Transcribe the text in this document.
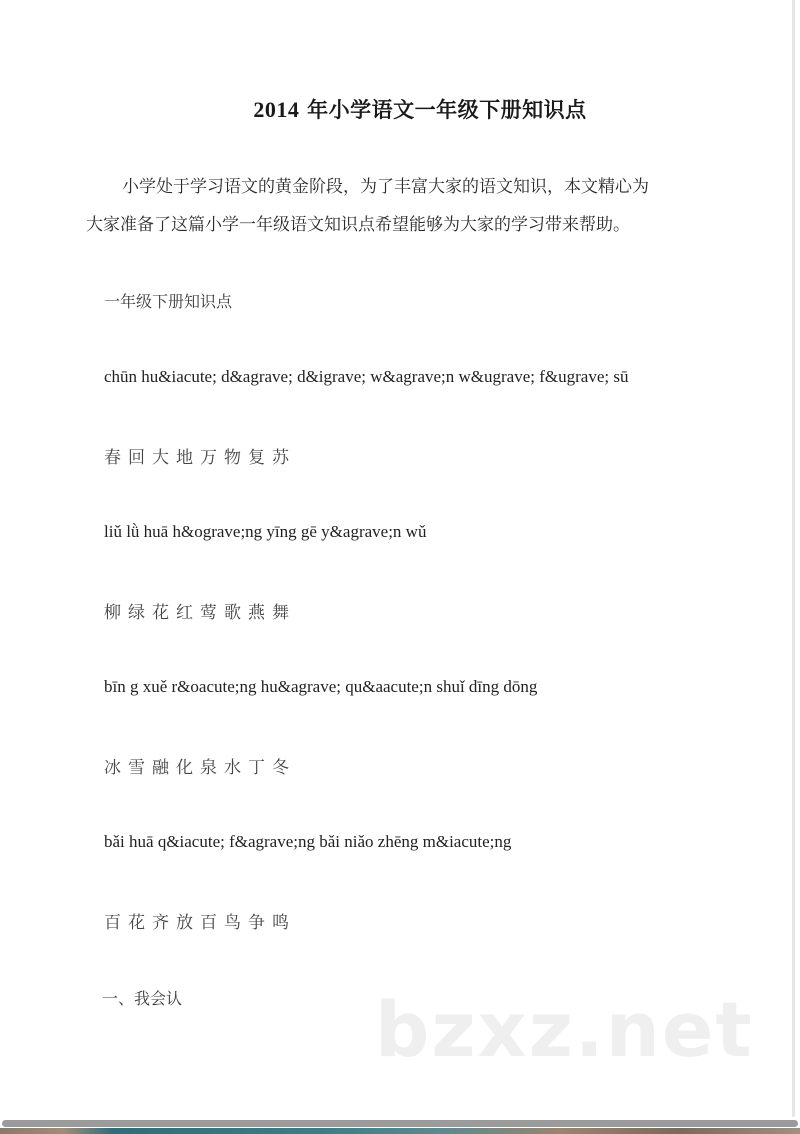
2014 年小学语文一年级下册知识点

小学处于学习语文的黄金阶段，为了丰富大家的语文知识，本文精心为
大家准备了这篇小学一年级语文知识点希望能够为大家的学习带来帮助。

一年级下册知识点
chūn hu&iacute; d&agrave; d&igrave; w&agrave;n w&ugrave; f&ugrave; sū
春回大地万物复苏
liǔ lǜ huā h&ograve;ng yīng gē y&agrave;n wǔ
柳绿花红莺歌燕舞
bīn g xuě r&oacute;ng hu&agrave; qu&aacute;n shuǐ dīng dōng
冰雪融化泉水丁冬
bǎi huā q&iacute; f&agrave;ng bǎi niǎo zhēng m&iacute;ng
百花齐放百鸟争鸣
一、我会认	bzxz.net
